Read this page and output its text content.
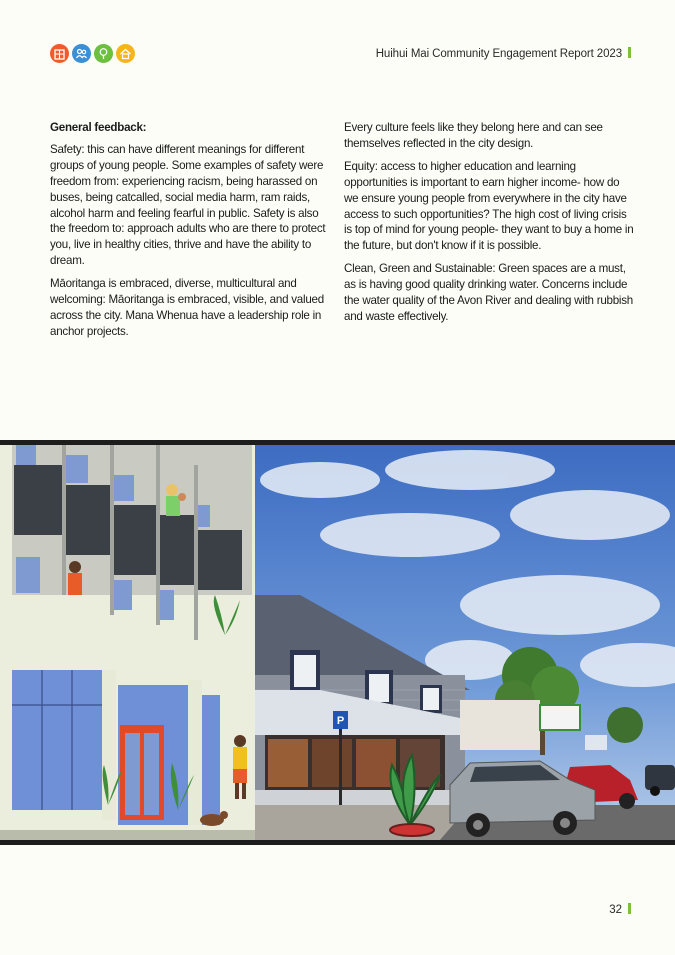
Huihui Mai Community Engagement Report 2023

General feedback:

Safety: this can have different meanings for different groups of young people. Some examples of safety were freedom from: experiencing racism, being harassed on buses, being catcalled, social media harm, ram raids, alcohol harm and feeling fearful in public. Safety is also the freedom to: approach adults who are there to protect you, live in healthy cities, thrive and have the ability to dream.

Māoritanga is embraced, diverse, multicultural and welcoming: Māoritanga is embraced, visible, and valued across the city. Mana Whenua have a leadership role in anchor projects.

Every culture feels like they belong here and can see themselves reflected in the city design.

Equity: access to higher education and learning opportunities is important to earn higher income- how do we ensure young people from everywhere in the city have access to such opportunities? The high cost of living crisis is top of mind for young people- they want to buy a home in the future, but don't know if it is possible.

Clean, Green and Sustainable: Green spaces are a must, as is having good quality drinking water. Concerns include the water quality of the Avon River and dealing with rubbish and waste effectively.

P
32
